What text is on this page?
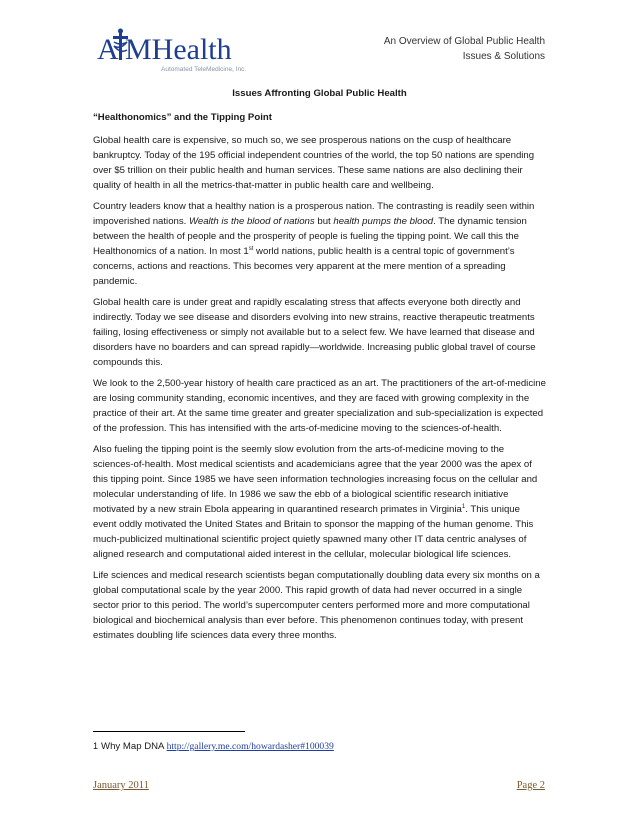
A MHealth
Automated TeleMedicine, Inc.
An Overview of Global Public Health
Issues & Solutions
Issues Affronting Global Public Health
“Healthonomics” and the Tipping Point

Global health care is expensive, so much so, we see prosperous nations on the cusp of healthcare bankruptcy. Today of the 195 official independent countries of the world, the top 50 nations are spending over $5 trillion on their public health and human services. These same nations are also declining their quality of health in all the metrics-that-matter in public health care and wellbeing.

Country leaders know that a healthy nation is a prosperous nation. The contrasting is readily seen within impoverished nations. Wealth is the blood of nations but health pumps the blood. The dynamic tension between the health of people and the prosperity of people is fueling the tipping point. We call this the Healthonomics of a nation. In most 1st world nations, public health is a central topic of government’s concerns, actions and reactions. This becomes very apparent at the mere mention of a spreading pandemic.

Global health care is under great and rapidly escalating stress that affects everyone both directly and indirectly. Today we see disease and disorders evolving into new strains, reactive therapeutic treatments failing, losing effectiveness or simply not available but to a select few. We have learned that disease and disorders have no boarders and can spread rapidly—worldwide. Increasing public global travel of course compounds this.

We look to the 2,500-year history of health care practiced as an art. The practitioners of the art-of-medicine are losing community standing, economic incentives, and they are faced with growing complexity in the practice of their art. At the same time greater and greater specialization and sub-specialization is expected of the profession. This has intensified with the arts-of-medicine moving to the sciences-of-health.

Also fueling the tipping point is the seemly slow evolution from the arts-of-medicine moving to the sciences-of-health. Most medical scientists and academicians agree that the year 2000 was the apex of this tipping point. Since 1985 we have seen information technologies increasing focus on the cellular and molecular understanding of life. In 1986 we saw the ebb of a biological scientific research initiative motivated by a new strain Ebola appearing in quarantined research primates in Virginia$^1$. This unique event oddly motivated the United States and Britain to sponsor the mapping of the human genome. This much-publicized multinational scientific project quietly spawned many other IT data centric analyses of aligned research and computational aided interest in the cellular, molecular biological life sciences.

Life sciences and medical research scientists began computationally doubling data every six months on a global computational scale by the year 2000. This rapid growth of data had never occurred in a single sector prior to this period. The world’s supercomputer centers performed more and more computational biological and biochemical analysis than ever before. This phenomenon continues today, with present estimates doubling life sciences data every three months.

1 Why Map DNA http://gallery.me.com/howardasher#100039
January 2011	Page 2
